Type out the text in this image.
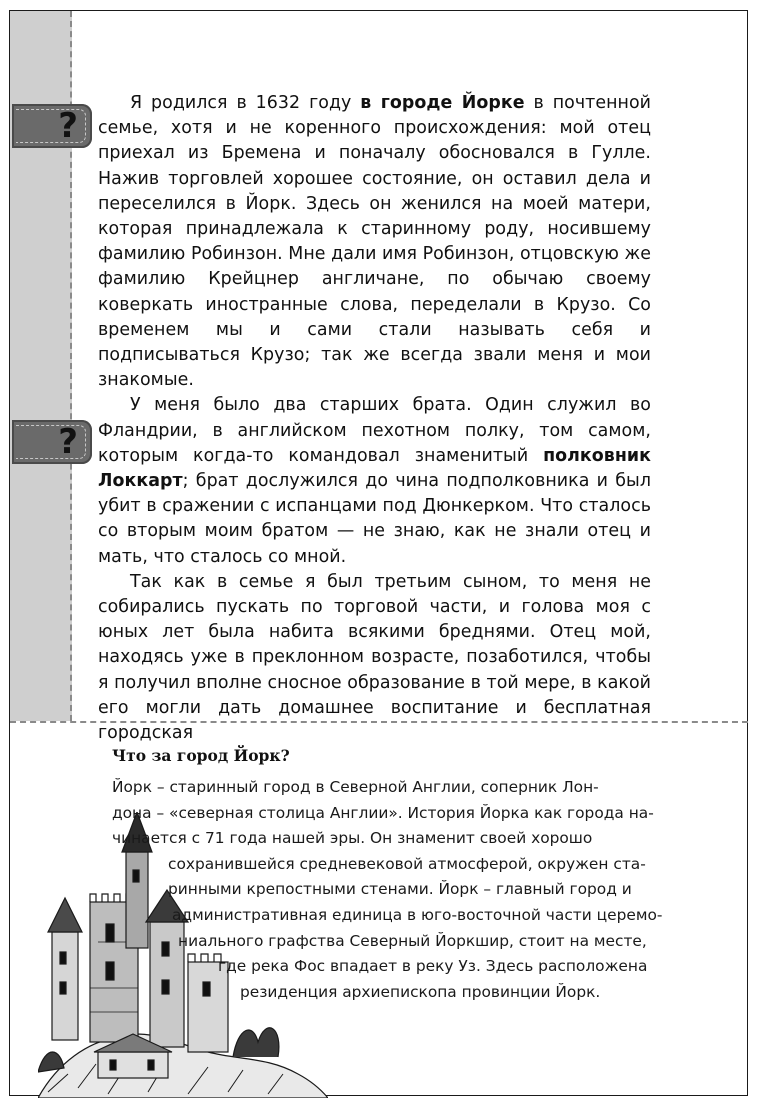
?
?

Я родился в 1632 году в городе Йорке в почтенной семье, хотя и не коренного происхождения: мой отец приехал из Бремена и поначалу обосновался в Гулле. Нажив торговлей хорошее состояние, он оставил дела и переселился в Йорк. Здесь он женился на моей матери, которая принадлежала к старинному роду, носившему фамилию Робинзон. Мне дали имя Робинзон, отцовскую же фамилию Крейцнер англичане, по обычаю своему коверкать иностранные слова, переделали в Крузо. Со временем мы и сами стали называть себя и подписываться Крузо; так же всегда звали меня и мои знакомые.

У меня было два старших брата. Один служил во Фландрии, в английском пехотном полку, том самом, которым когда-то командовал знаменитый полковник Локкарт; брат дослужился до чина подполковника и был убит в сражении с испанцами под Дюнкерком. Что сталось со вторым моим братом — не знаю, как не знали отец и мать, что сталось со мной.

Так как в семье я был третьим сыном, то меня не собирались пускать по торговой части, и голова моя с юных лет была набита всякими бреднями. Отец мой, находясь уже в преклонном возрасте, позаботился, чтобы я получил вполне сносное образование в той мере, в какой его могли дать домашнее воспитание и бесплатная городская

Что за город Йорк?
Йорк – старинный город в Северной Англии, соперник Лон-
дона – «северная столица Англии». История Йорка как города на-
чинается с 71 года нашей эры. Он знаменит своей хорошо
сохранившейся средневековой атмосферой, окружен ста-
ринными крепостными стенами. Йорк – главный город и
административная единица в юго-восточной части церемо-
ниального графства Северный Йоркшир, стоит на месте,
где река Фос впадает в реку Уз. Здесь расположена
резиденция архиепископа провинции Йорк.
